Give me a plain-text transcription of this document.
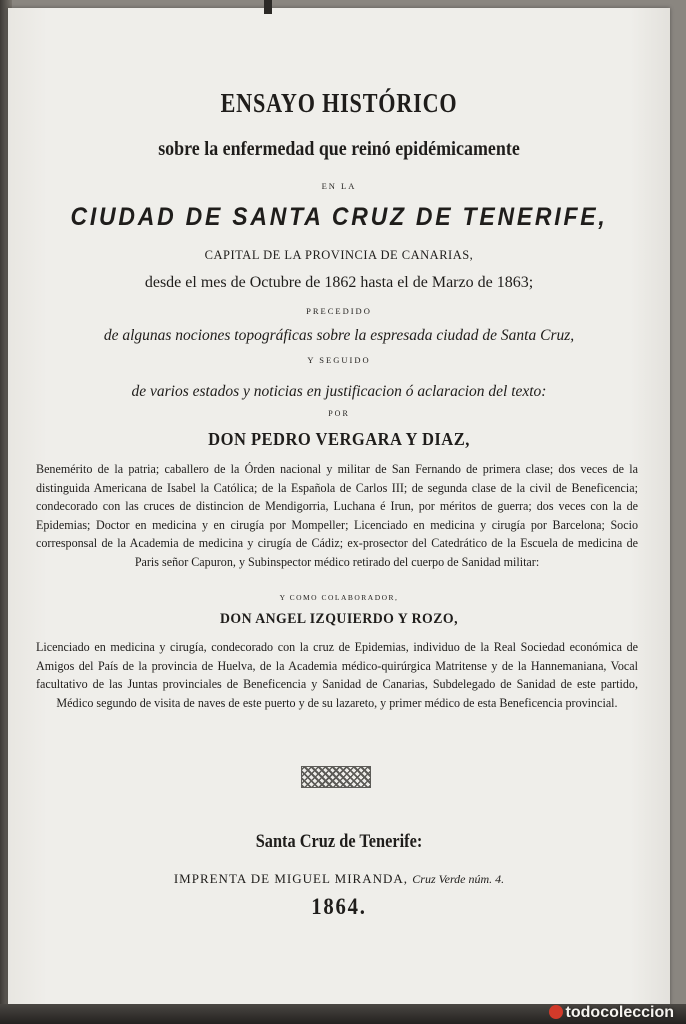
ENSAYO HISTÓRICO
sobre la enfermedad que reinó epidémicamente
EN LA
CIUDAD DE SANTA CRUZ DE TENERIFE,
CAPITAL DE LA PROVINCIA DE CANARIAS,
desde el mes de Octubre de 1862 hasta el de Marzo de 1863;
PRECEDIDO
de algunas nociones topográficas sobre la espresada ciudad de Santa Cruz,
Y SEGUIDO
de varios estados y noticias en justificacion ó aclaracion del texto:
POR
DON PEDRO VERGARA Y DIAZ,
Benemérito de la patria; caballero de la Órden nacional y militar de San Fernando de primera clase; dos veces de la distinguida Americana de Isabel la Católica; de la Española de Carlos III; de segunda clase de la civil de Beneficencia; condecorado con las cruces de distincion de Mendigorria, Luchana é Irun, por méritos de guerra; dos veces con la de Epidemias; Doctor en medicina y en cirugía por Mompeller; Licenciado en medicina y cirugía por Barcelona; Socio corresponsal de la Academia de medicina y cirugía de Cádiz; ex-prosector del Catedrático de la Escuela de medicina de Paris señor Capuron, y Subinspector médico retirado del cuerpo de Sanidad militar:
Y COMO COLABORADOR,
DON ANGEL IZQUIERDO Y ROZO,
Licenciado en medicina y cirugía, condecorado con la cruz de Epidemias, individuo de la Real Sociedad económica de Amigos del País de la provincia de Huelva, de la Academia médico-quirúrgica Matritense y de la Hannemaniana, Vocal facultativo de las Juntas provinciales de Beneficencia y Sanidad de Canarias, Subdelegado de Sanidad de este partido, Médico segundo de visita de naves de este puerto y de su lazareto, y primer médico de esta Beneficencia provincial.
Santa Cruz de Tenerife:
IMPRENTA DE MIGUEL MIRANDA, Cruz Verde núm. 4.
1864.
todocoleccion
